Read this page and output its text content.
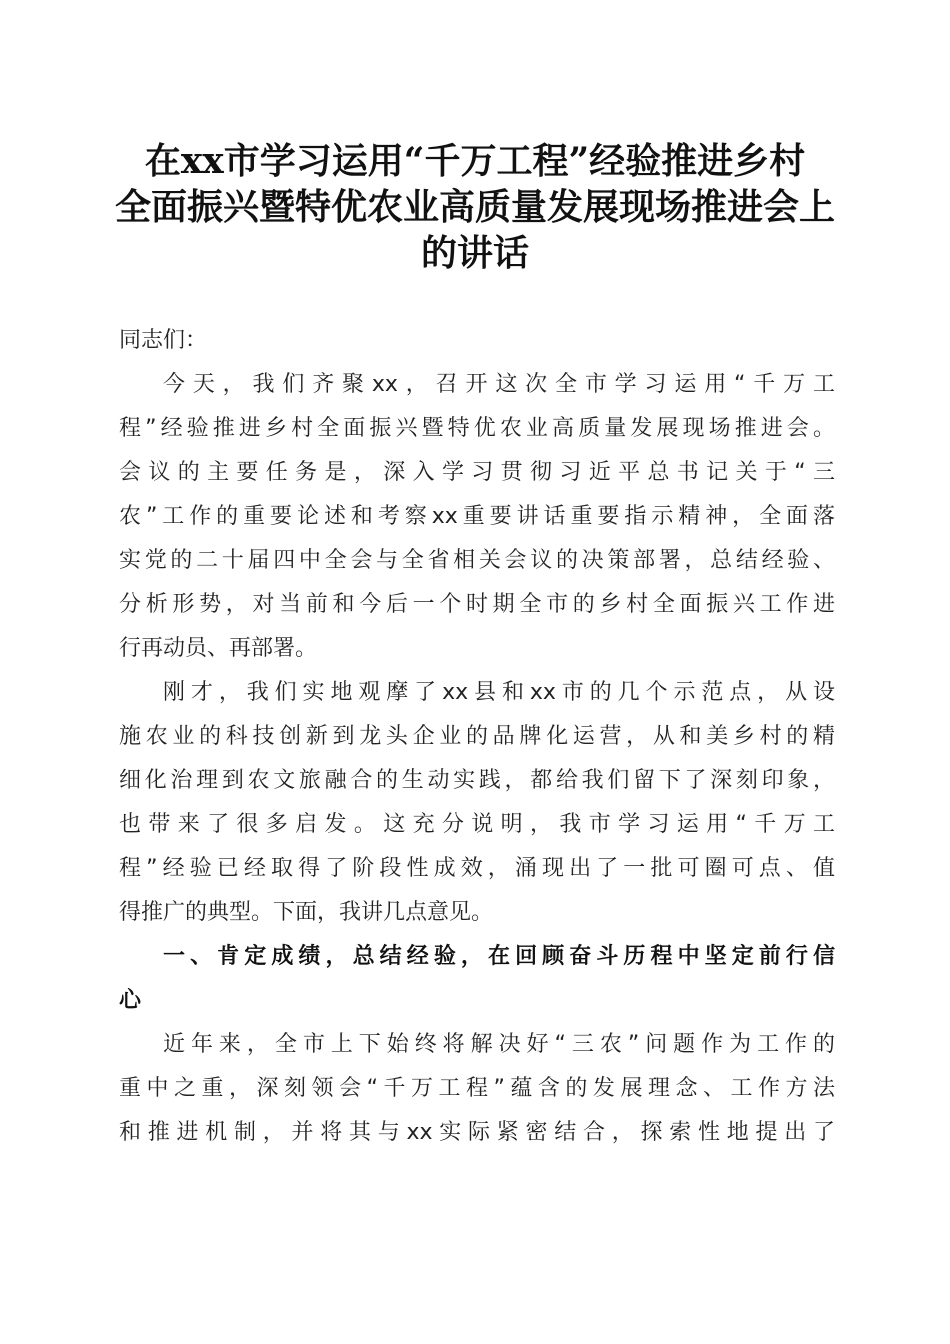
在xx市学习运用“千万工程”经验推进乡村
全面振兴暨特优农业高质量发展现场推进会上
的讲话
同志们：
今天，我们齐聚xx，召开这次全市学习运用“千万工
程”经验推进乡村全面振兴暨特优农业高质量发展现场推进会。
会议的主要任务是，深入学习贯彻习近平总书记关于“三
农”工作的重要论述和考察xx重要讲话重要指示精神，全面落
实党的二十届四中全会与全省相关会议的决策部署，总结经验、
分析形势，对当前和今后一个时期全市的乡村全面振兴工作进
行再动员、再部署。
刚才，我们实地观摩了xx县和xx市的几个示范点，从设
施农业的科技创新到龙头企业的品牌化运营，从和美乡村的精
细化治理到农文旅融合的生动实践，都给我们留下了深刻印象，
也带来了很多启发。这充分说明，我市学习运用“千万工
程”经验已经取得了阶段性成效，涌现出了一批可圈可点、值
得推广的典型。下面，我讲几点意见。
一、肯定成绩，总结经验，在回顾奋斗历程中坚定前行信
心
近年来，全市上下始终将解决好“三农”问题作为工作的
重中之重，深刻领会“千万工程”蕴含的发展理念、工作方法
和推进机制，并将其与xx实际紧密结合，探索性地提出了
